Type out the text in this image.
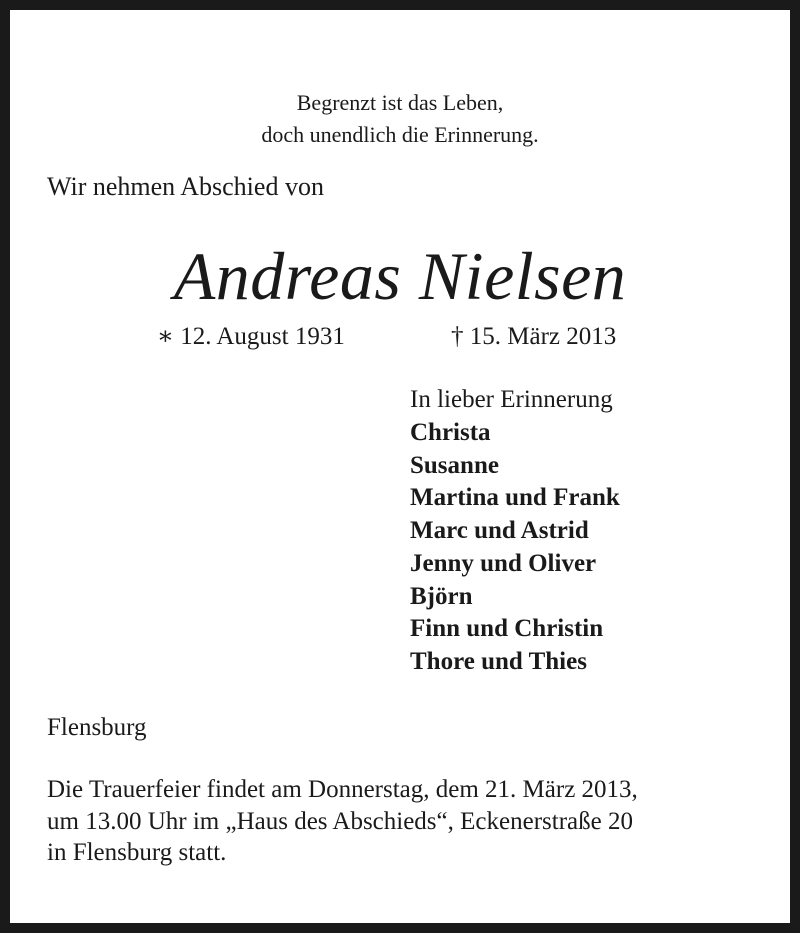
Begrenzt ist das Leben,
doch unendlich die Erinnerung.

Wir nehmen Abschied von

Andreas Nielsen

∗ 12. August 1931	† 15. März 2013

In lieber Erinnerung
Christa
Susanne
Martina und Frank
Marc und Astrid
Jenny und Oliver
Björn
Finn und Christin
Thore und Thies

Flensburg

Die Trauerfeier findet am Donnerstag, dem 21. März 2013,
um 13.00 Uhr im „Haus des Abschieds“, Eckenerstraße 20
in Flensburg statt.
